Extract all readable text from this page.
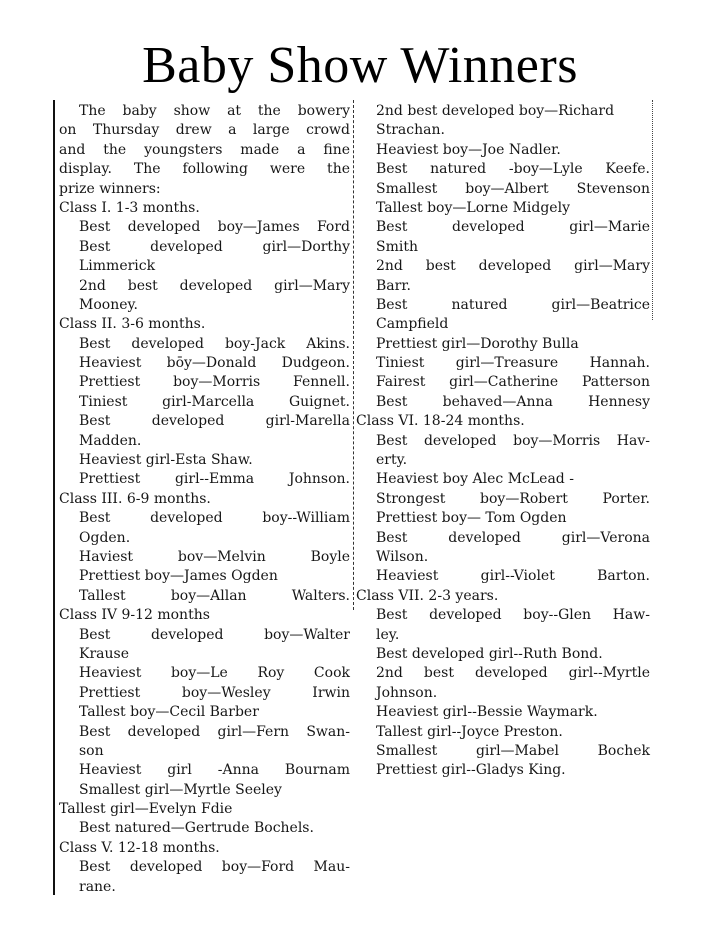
Baby Show Winners
The baby show at the bowery
on Thursday drew a large crowd
and the youngsters made a fine
display. The following were the
prize winners:
Class I. 1-3 months.
Best developed boy—James Ford
Best developed girl—Dorthy
Limmerick
2nd best developed girl—Mary
Mooney.
Class II. 3-6 months.
Best developed boy-Jack Akins.
Heaviest bōy—Donald Dudgeon.
Prettiest boy—Morris Fennell.
Tiniest girl-Marcella Guignet.
Best developed girl-Marella
Madden.
Heaviest girl-Esta Shaw.
Prettiest girl--Emma Johnson.
Class III. 6-9 months.
Best developed boy--William
Ogden.
Haviest bov—Melvin Boyle
Prettiest boy—James Ogden
Tallest boy—Allan Walters.
Class IV 9-12 months
Best developed boy—Walter
Krause
Heaviest boy—Le Roy Cook
Prettiest boy—Wesley Irwin
Tallest boy—Cecil Barber
Best developed girl—Fern Swan-
son
Heaviest girl -Anna Bournam
Smallest girl—Myrtle Seeley
Tallest girl—Evelyn Fdie
Best natured—Gertrude Bochels.
Class V. 12-18 months.
Best developed boy—Ford Mau-
rane.
2nd best developed boy—Richard
Strachan.
Heaviest boy—Joe Nadler.
Best natured -boy—Lyle Keefe.
Smallest boy—Albert Stevenson
Tallest boy—Lorne Midgely
Best developed girl—Marie
Smith
2nd best developed girl—Mary
Barr.
Best natured girl—Beatrice
Campfield
Prettiest girl—Dorothy Bulla
Tiniest girl—Treasure Hannah.
Fairest girl—Catherine Patterson
Best behaved—Anna Hennesy
Class VI. 18-24 months.
Best developed boy—Morris Hav-
erty.
Heaviest boy Alec McLead -
Strongest boy—Robert Porter.
Prettiest boy— Tom Ogden
Best developed girl—Verona
Wilson.
Heaviest girl--Violet Barton.
Class VII. 2-3 years.
Best developed boy--Glen Haw-
ley.
Best developed girl--Ruth Bond.
2nd best developed girl--Myrtle
Johnson.
Heaviest girl--Bessie Waymark.
Tallest girl--Joyce Preston.
Smallest girl—Mabel Bochek
Prettiest girl--Gladys King.
